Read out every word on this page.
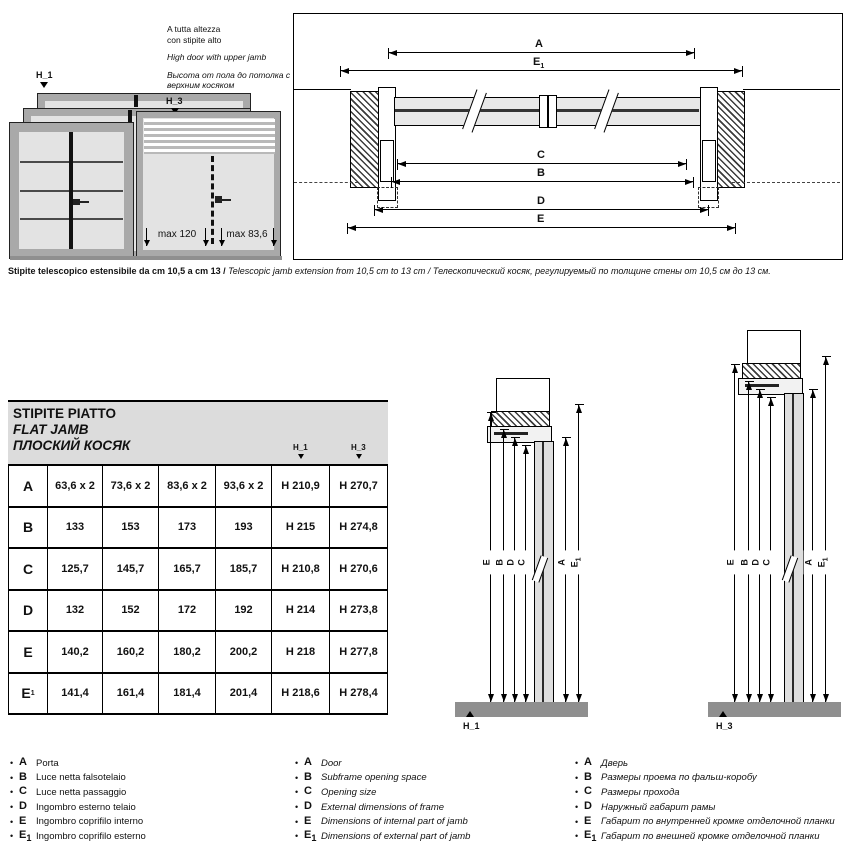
A tutta altezza
con stipite alto
High door with upper jamb
Высота от пола до потолка с
верхним косяком
H_1
H_3
max 120	max 83,6
A
$E_1$
C
B
D
E
Stipite telescopico estensibile da cm 10,5 a cm 13 / Telescopic jamb extension from 10,5 cm to 13 cm / Телескопический косяк, регулируемый по толщине стены от 10,5 см до 13 см.
STIPITE PIATTO
FLAT JAMB
ПЛОСКИЙ КОСЯК	H_1	H_3
A	63,6 x 2	73,6 x 2	83,6 x 2	93,6 x 2	H 210,9	H 270,7
B	133	153	173	193	H 215	H 274,8
C	125,7	145,7	165,7	185,7	H 210,8	H 270,6
D	132	152	172	192	H 214	H 273,8
E	140,2	160,2	180,2	200,2	H 218	H 277,8
E 1	141,4	161,4	181,4	201,4	H 218,6	H 278,4
E B D C	A $E_1$
H_1
E B D C	A $E_1$
H_3
• A Porta
• B Luce netta falsotelaio
• C Luce netta passaggio
• D Ingombro esterno telaio
• E	Ingombro coprifilo interno
• $E_1$ Ingombro coprifilo esterno
• A Door
• B Subframe opening space
• C Opening size
• D External dimensions of frame
• E	Dimensions of internal part of jamb
• $E_1$ Dimensions of external part of jamb
• A Дверь
• B Размеры проема по фальш-коробу
• C Размеры прохода
• D Наружный габарит рамы
• E	Габарит по внутренней кромке отделочной планки
• $E_1$ Габарит по внешней кромке отделочной планки
